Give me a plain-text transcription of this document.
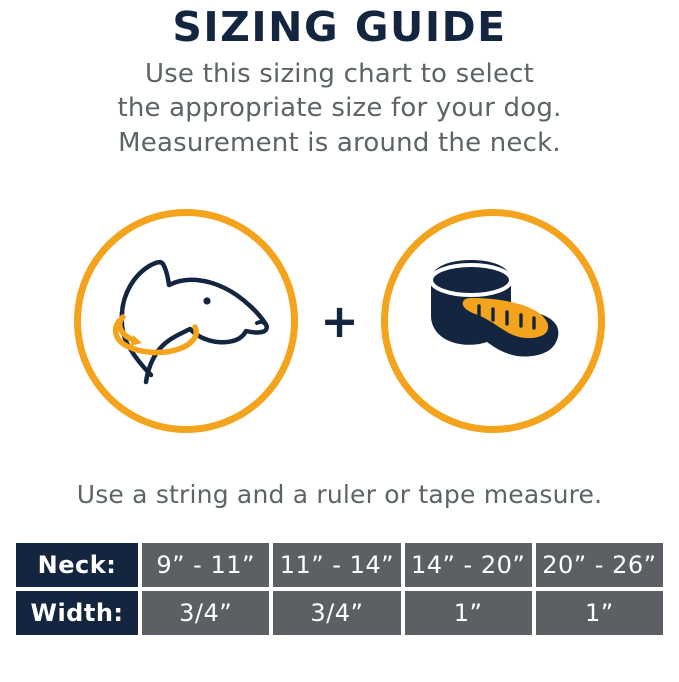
SIZING GUIDE
Use this sizing chart to select
the appropriate size for your dog.
Measurement is around the neck.
+
Use a string and a ruler or tape measure.
Neck:	9” - 11”	11” - 14”	14” - 20”	20” - 26”
Width:	3/4”	3/4”	1”	1”
